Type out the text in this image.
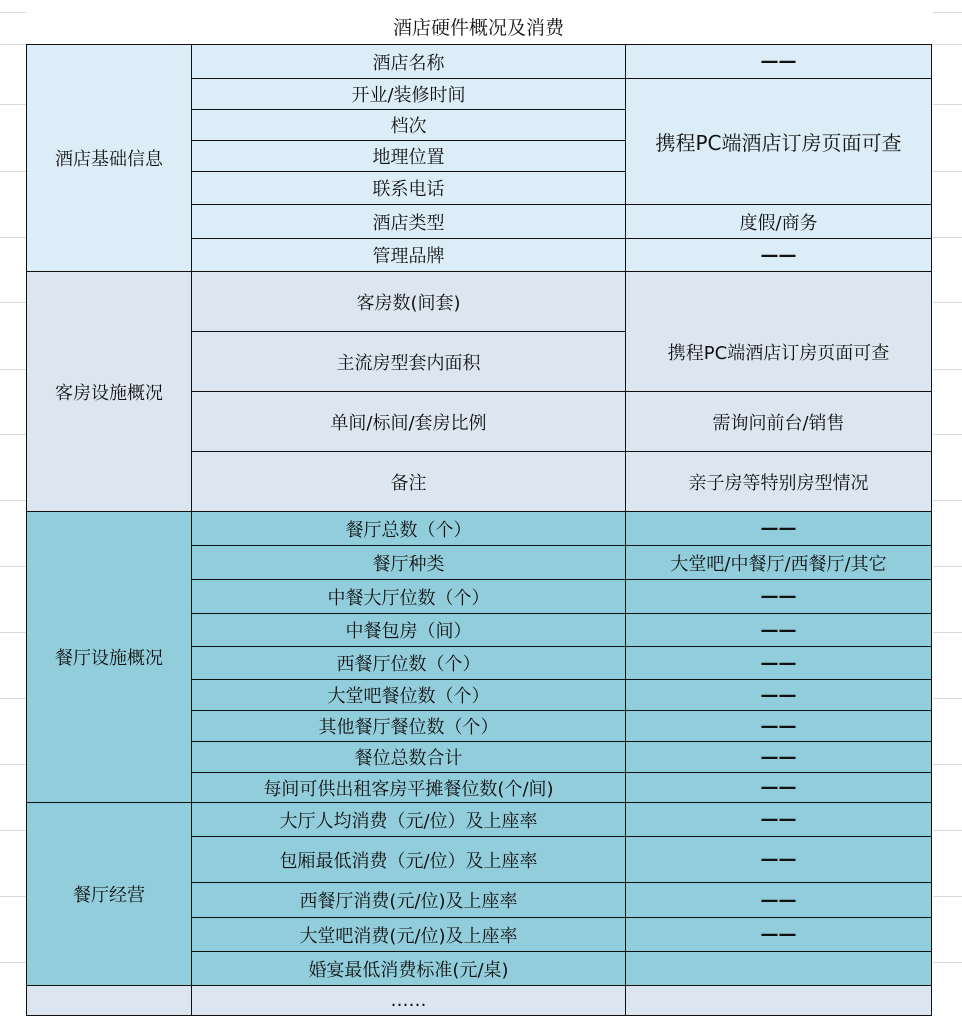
酒店硬件概况及消费
酒店基础信息	酒店名称	——
	开业/装修时间	携程PC端酒店订房页面可查
	档次	
	地理位置	
	联系电话	
	酒店类型	度假/商务
	管理品牌	——
客房设施概况	客房数(间套)	携程PC端酒店订房页面可查
	主流房型套内面积	
	单间/标间/套房比例	需询问前台/销售
	备注	亲子房等特别房型情况
餐厅设施概况	餐厅总数（个）	——
	餐厅种类	大堂吧/中餐厅/西餐厅/其它
	中餐大厅位数（个）	——
	中餐包房（间）	——
	西餐厅位数（个）	——
	大堂吧餐位数（个）	——
	其他餐厅餐位数（个）	——
	餐位总数合计	——
	每间可供出租客房平摊餐位数(个/间)	——
餐厅经营	大厅人均消费（元/位）及上座率	——
	包厢最低消费（元/位）及上座率	——
	西餐厅消费(元/位)及上座率	——
	大堂吧消费(元/位)及上座率	——
	婚宴最低消费标准(元/桌)	
	……	
